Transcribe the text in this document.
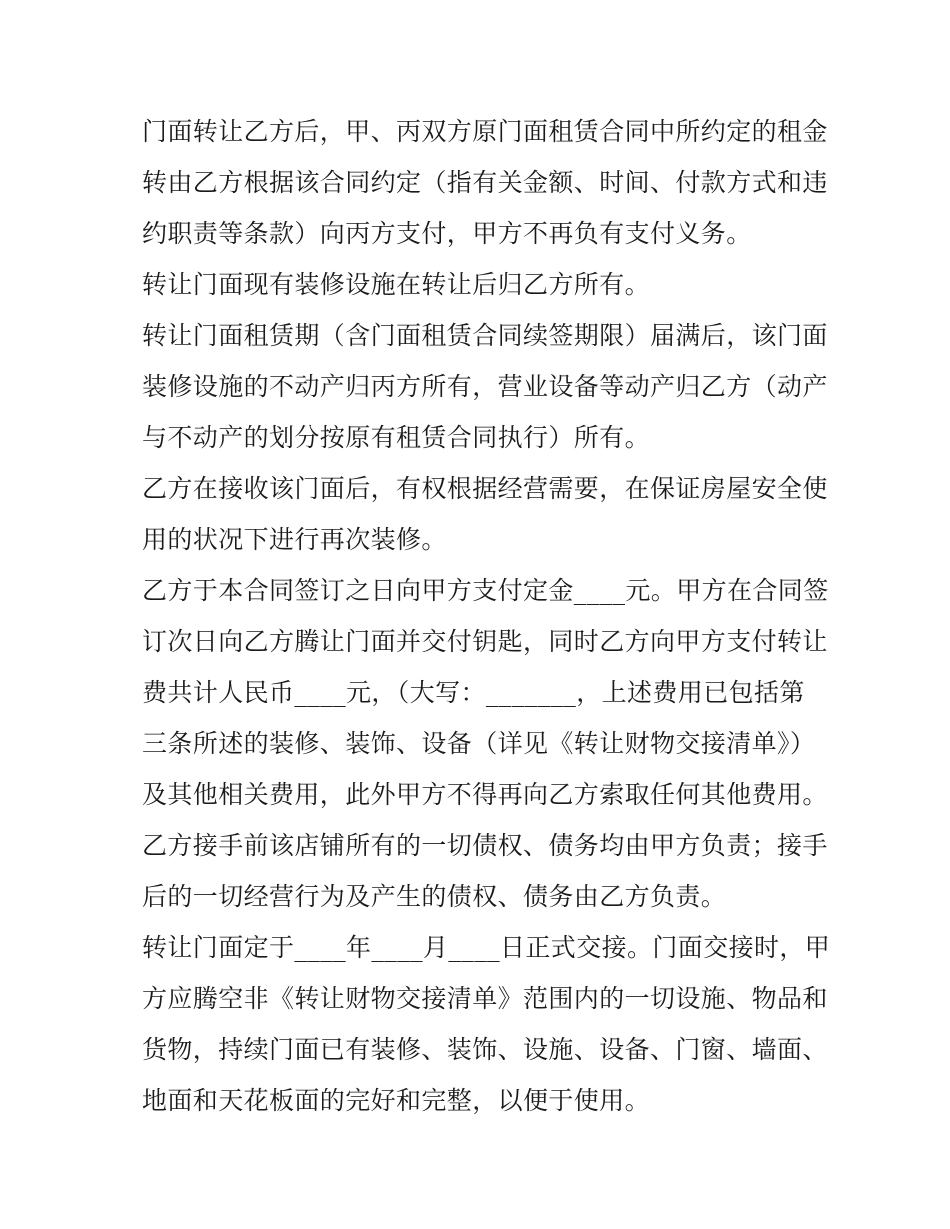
门面转让乙方后，甲、丙双方原门面租赁合同中所约定的租金
转由乙方根据该合同约定（指有关金额、时间、付款方式和违
约职责等条款）向丙方支付，甲方不再负有支付义务。
转让门面现有装修设施在转让后归乙方所有。
转让门面租赁期（含门面租赁合同续签期限）届满后，该门面
装修设施的不动产归丙方所有，营业设备等动产归乙方（动产
与不动产的划分按原有租赁合同执行）所有。
乙方在接收该门面后，有权根据经营需要，在保证房屋安全使
用的状况下进行再次装修。
乙方于本合同签订之日向甲方支付定金____元。甲方在合同签
订次日向乙方腾让门面并交付钥匙，同时乙方向甲方支付转让
费共计人民币____元，（大写：_______，上述费用已包括第
三条所述的装修、装饰、设备（详见《转让财物交接清单》）
及其他相关费用，此外甲方不得再向乙方索取任何其他费用。
乙方接手前该店铺所有的一切债权、债务均由甲方负责；接手
后的一切经营行为及产生的债权、债务由乙方负责。
转让门面定于____年____月____日正式交接。门面交接时，甲
方应腾空非《转让财物交接清单》范围内的一切设施、物品和
货物，持续门面已有装修、装饰、设施、设备、门窗、墙面、
地面和天花板面的完好和完整，以便于使用。
